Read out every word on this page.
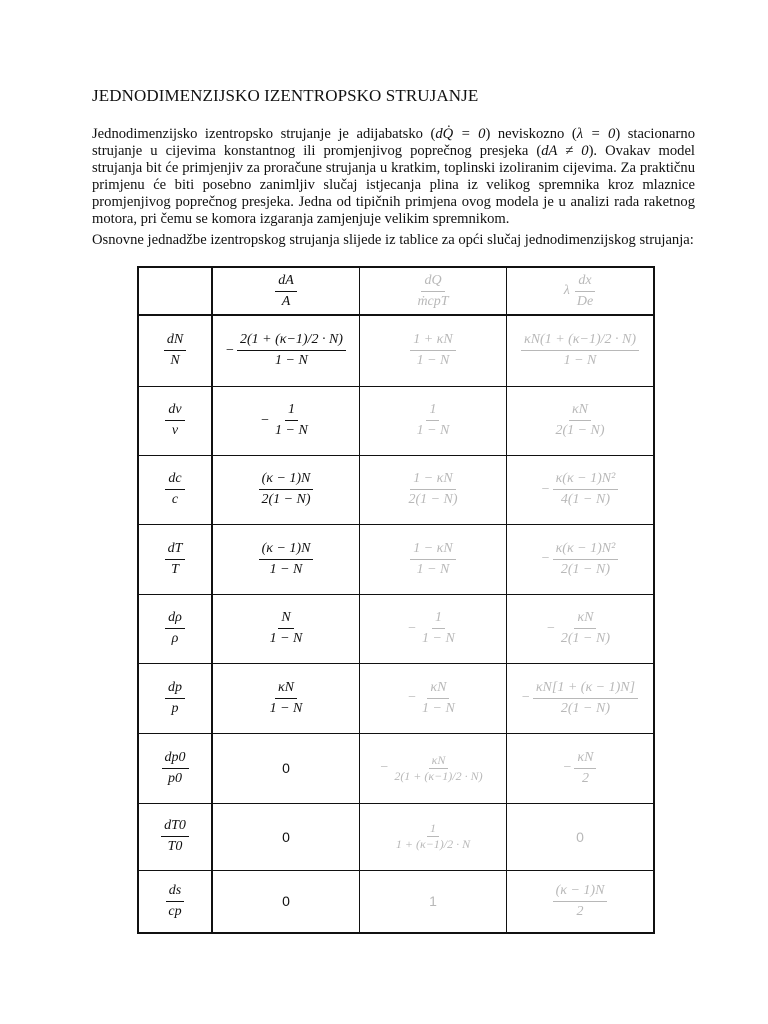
JEDNODIMENZIJSKO IZENTROPSKO STRUJANJE
Jednodimenzijsko izentropsko strujanje je adijabatsko (dQ̇ = 0) neviskozno (λ = 0) stacionarno strujanje u cijevima konstantnog ili promjenjivog poprečnog presjeka (dA ≠ 0). Ovakav model strujanja bit će primjenjiv za proračune strujanja u kratkim, toplinski izoliranim cijevima. Za praktičnu primjenu će biti posebno zanimljiv slučaj istjecanja plina iz velikog spremnika kroz mlaznice promjenjivog poprečnog presjeka. Jedna od tipičnih primjena ovog modela je u analizi rada raketnog motora, pri čemu se komora izgaranja zamjenjuje velikim spremnikom.
Osnovne jednadžbe izentropskog strujanja slijede iz tablice za opći slučaj jednodimenzijskog strujanja:

	$\frac{dA}{A}$	$\frac{dQ}{\text{ṁcpT}}$	λ $\frac{dx}{De}$

$\frac{dN}{N}$	− $\frac{2(1 + (\kappa-1)/2 \cdot N)}{1 - N}$	$\frac{1 + \kappa N}{1 - N}$	$\frac{\kappa N(1 + (\kappa-1)/2 \cdot N)}{1 - N}$

$\frac{dv}{v}$	− $\frac{1}{1 - N}$	$\frac{1}{1 - N}$	$\frac{\kappa N}{2(1 - N)}$

$\frac{dc}{c}$	$\frac{(\kappa - 1)N}{2(1 - N)}$	$\frac{1 - \kappa N}{2(1 - N)}$	− $\frac{\text{κ(κ − 1)N²}}{4(1 - N)}$

$\frac{dT}{T}$	$\frac{(\kappa - 1)N}{1 - N}$	$\frac{1 - \kappa N}{1 - N}$	− $\frac{\text{κ(κ − 1)N²}}{2(1 - N)}$

$\frac{d\rho}{\rho}$	$\frac{N}{1 - N}$	− $\frac{1}{1 - N}$	− $\frac{\kappa N}{2(1 - N)}$

$\frac{dp}{p}$	$\frac{\kappa N}{1 - N}$	− $\frac{\kappa N}{1 - N}$	− $\frac{\kappa N[1 + (\kappa - 1)N]}{2(1 - N)}$

$\frac{dp0}{p0}$	0	− $\frac{\kappa N}{2(1 + (\kappa-1)/2 \cdot N)}$	− $\frac{\kappa N}{2}$

$\frac{dT0}{T0}$	0	$\frac{1}{1 + (\kappa-1)/2 \cdot N}$	0

$\frac{ds}{cp}$	0	1	$\frac{(\kappa - 1)N}{2}$
